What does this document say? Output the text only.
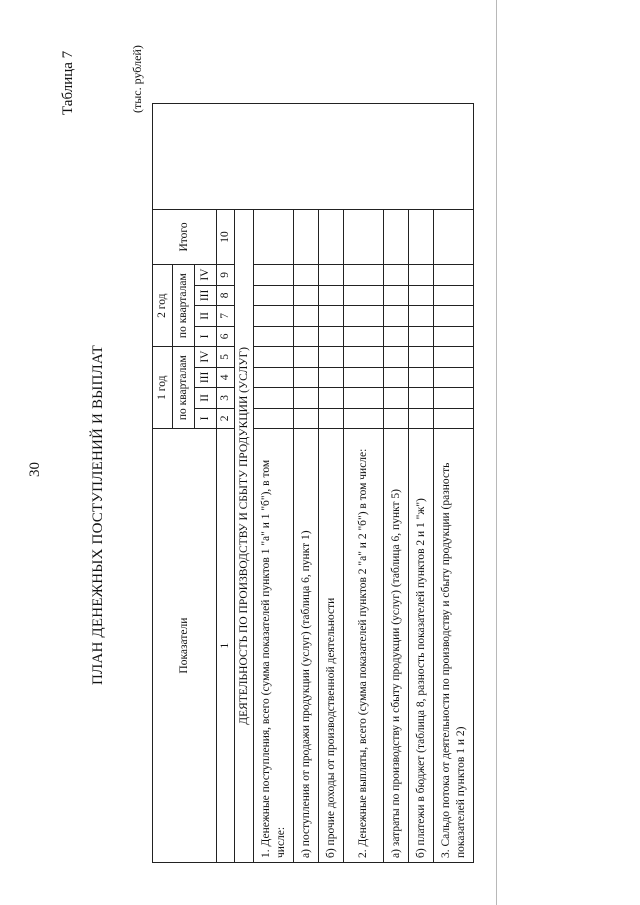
30
Таблица 7
ПЛАН ДЕНЕЖНЫХ ПОСТУПЛЕНИЙ И ВЫПЛАТ
(тыс. рублей)
Показатели	1 год				2 год				Итого	
	по кварталам				по кварталам					
	I	II	III	IV	I	II	III	IV		
1	2	3	4	5	6	7	8	9	10	
ДЕЯТЕЛЬНОСТЬ ПО ПРОИЗВОДСТВУ И СБЫТУ ПРОДУКЦИИ (УСЛУГ)										
1. Денежные поступления, всего (сумма показателей пунктов 1 "а" и 1 "б"), в том числе:										
а) поступления от продажи продукции (услуг) (таблица 6, пункт 1)										
б) прочие доходы от производственной деятельности										
2. Денежные выплаты, всего (сумма показателей пунктов 2 "а" и 2 "б") в том числе:										
а) затраты по производству и сбыту продукции (услуг) (таблица 6, пункт 5)										
б) платежи в бюджет (таблица 8, разность показателей пунктов 2 и 1 "ж")										
3. Сальдо потока от деятельности по производству и сбыту продукции (разность показателей пунктов 1 и 2)										
